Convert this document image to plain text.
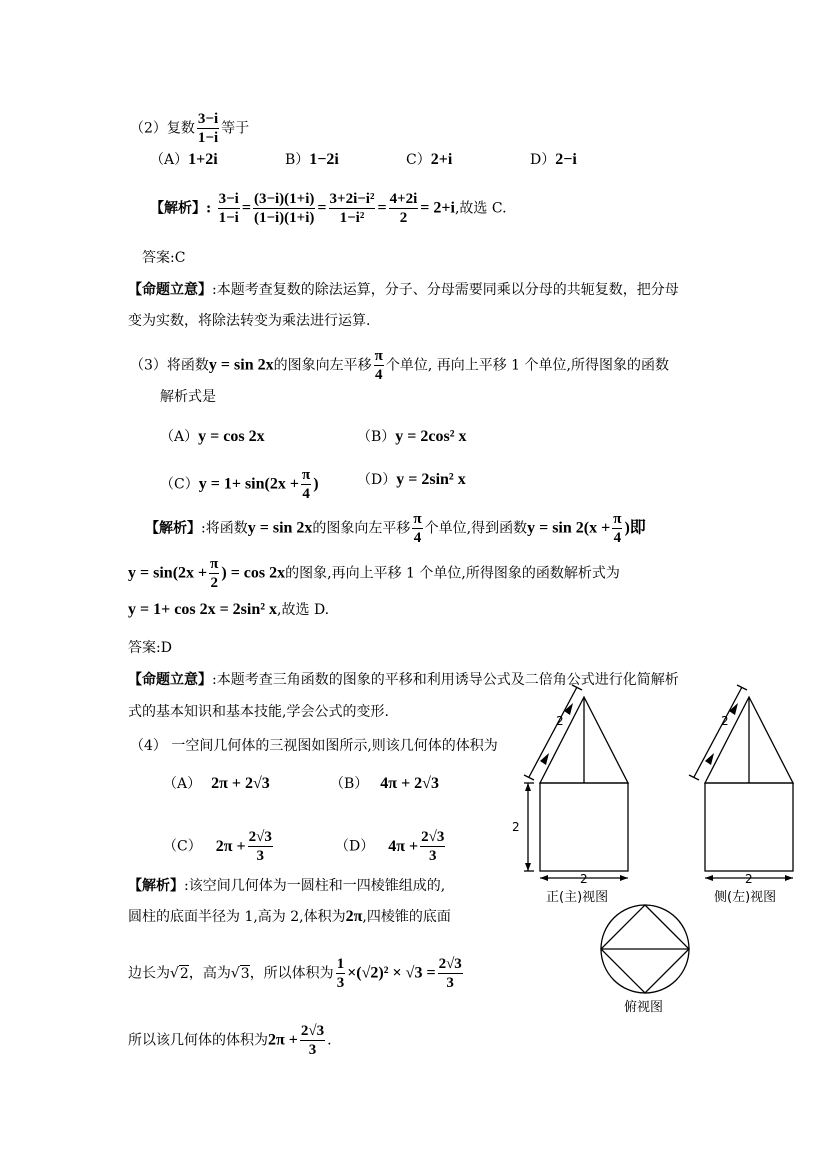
（2）复数 $\frac{3-i}{1-i}$ 等于
（A）1+2i	B）1−2i	C）2+i	D）2−i
【解析】: $\frac{3-i}{1-i} = \frac{(3-i)(1+i)}{(1-i)(1+i)} = \frac{\text{3+2i−i²}}{\text{1−i²}} = \frac{4+2i}{2} = 2+i$,故选 C.
答案:C
【命题立意】:本题考查复数的除法运算，分子、分母需要同乘以分母的共轭复数，把分母
变为实数，将除法转变为乘法进行运算.
（3）将函数y = sin 2x的图象向左平移 $\frac{\pi}{4}$ 个单位, 再向上平移 1 个单位,所得图象的函数
解析式是
（A）y = cos 2x	（B）y = 2cos² x
$(C)y = 1+ \sin(2x + \frac{\pi}{4}$ )	（D）y = 2sin² x
【解析】:将函数y = sin 2x的图象向左平移 $\frac{\pi}{4}$ 个单位,得到函数$y = \sin 2(x + \frac{\pi}{4}$ )即
$y = \sin(2x + \frac{\pi}{2}$ ) = cos 2x的图象,再向上平移 1 个单位,所得图象的函数解析式为
y = 1+ cos 2x = 2sin² x,故选 D.
答案:D
【命题立意】:本题考查三角函数的图象的平移和利用诱导公式及二倍角公式进行化简解析
式的基本知识和基本技能,学会公式的变形.
（4） 一空间几何体的三视图如图所示,则该几何体的体积为
（A） 2π + 2√3	（B） 4π + 2√3
（C） $2\pi + \frac{2√3}{3}$	（D） $4\pi + \frac{2√3}{3}$
【解析】:该空间几何体为一圆柱和一四棱锥组成的,
圆柱的底面半径为 1,高为 2,体积为2π,四棱锥的底面
边长为√2，高为√3，所以体积为 $\frac{1}{3} \times(√2)^2 \times √3 = \frac{2√3}{3}$
所以该几何体的体积为$2\pi + \frac{2√3}{3}$ .
2	2
2
2	2
正(主)视图	侧(左)视图
俯视图
